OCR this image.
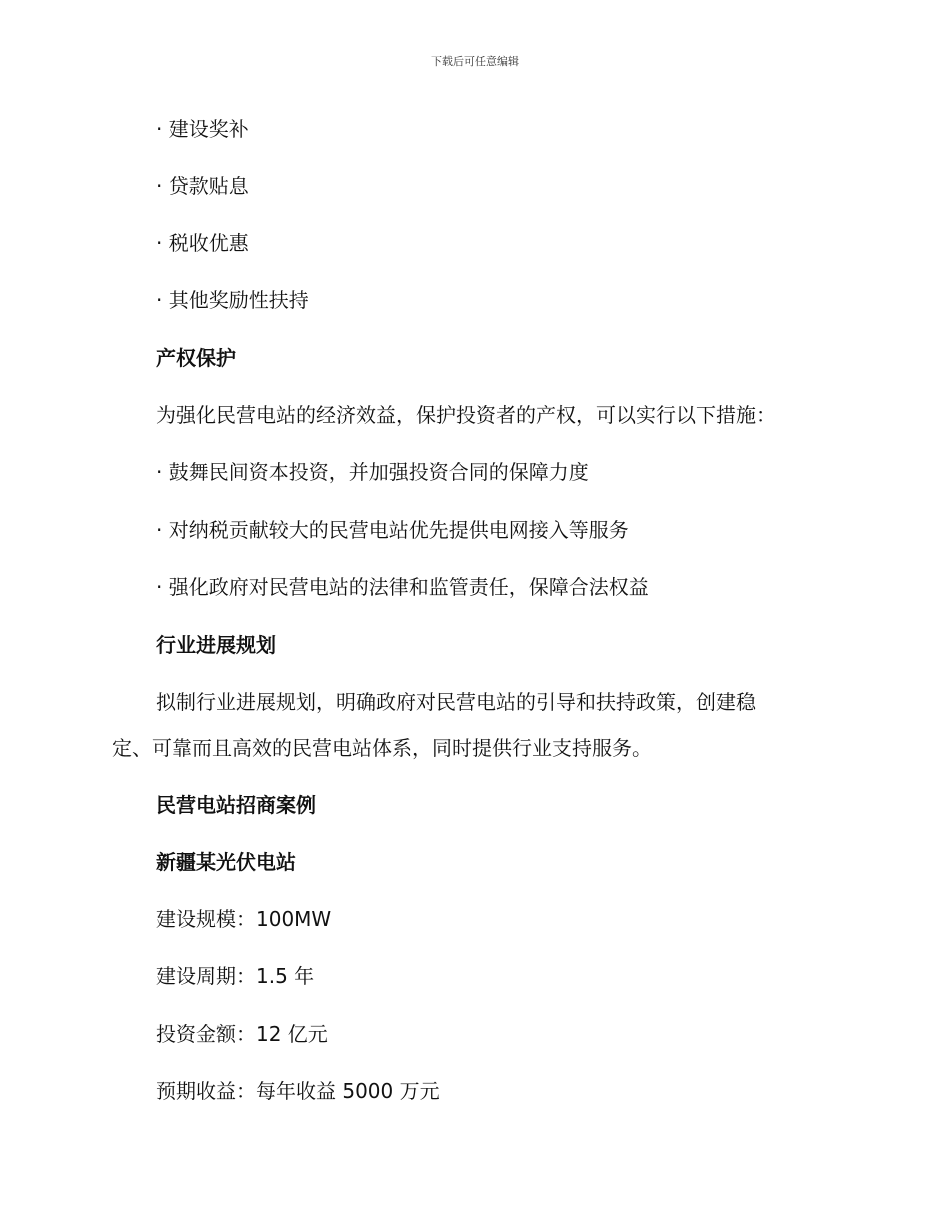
下载后可任意编辑
· 建设奖补
· 贷款贴息
· 税收优惠
· 其他奖励性扶持
产权保护
为强化民营电站的经济效益，保护投资者的产权，可以实行以下措施：
· 鼓舞民间资本投资，并加强投资合同的保障力度
· 对纳税贡献较大的民营电站优先提供电网接入等服务
· 强化政府对民营电站的法律和监管责任，保障合法权益
行业进展规划
拟制行业进展规划，明确政府对民营电站的引导和扶持政策，创建稳
定、可靠而且高效的民营电站体系，同时提供行业支持服务。
民营电站招商案例
新疆某光伏电站
建设规模：100MW
建设周期：1.5 年
投资金额：12 亿元
预期收益：每年收益 5000 万元
